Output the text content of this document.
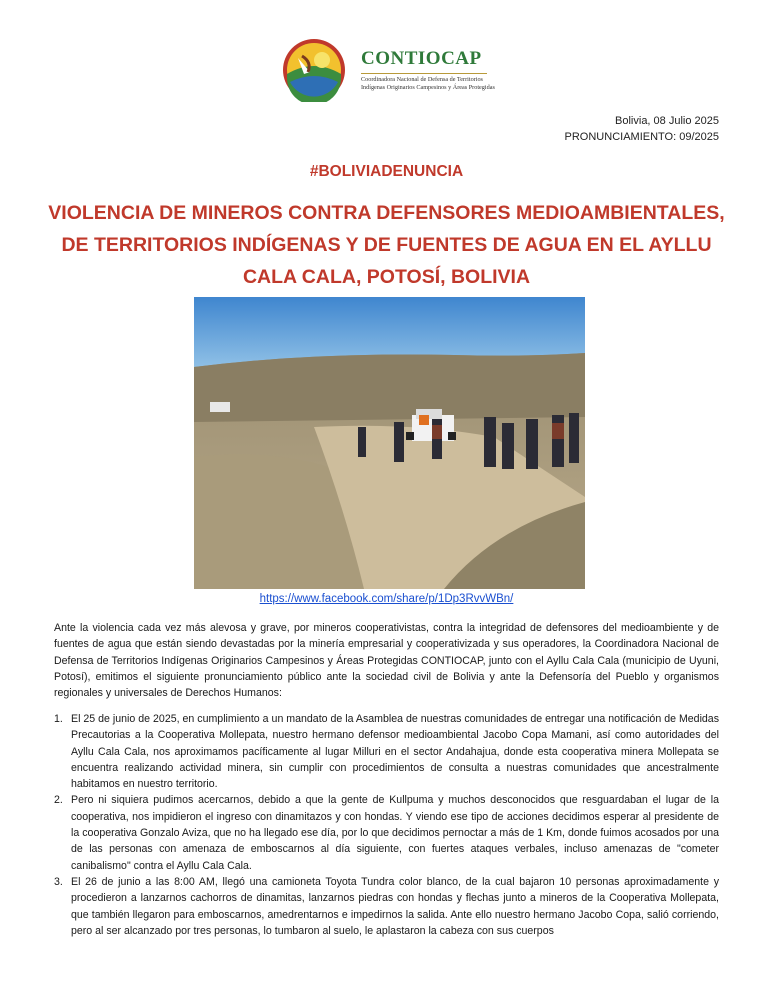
CONTIOCAP
Coordinadora Nacional de Defensa de Territorios
Indígenas Originarios Campesinos y Áreas Protegidas
Bolivia, 08 Julio 2025
PRONUNCIAMIENTO: 09/2025
#BOLIVIADENUNCIA
VIOLENCIA DE MINEROS CONTRA DEFENSORES MEDIOAMBIENTALES, DE TERRITORIOS INDÍGENAS Y DE FUENTES DE AGUA EN EL AYLLU CALA CALA, POTOSÍ, BOLIVIA
https://www.facebook.com/share/p/1Dp3RvvWBn/
Ante la violencia cada vez más alevosa y grave, por mineros cooperativistas, contra la integridad de defensores del medioambiente y de fuentes de agua que están siendo devastadas por la minería empresarial y cooperativizada y sus operadores, la Coordinadora Nacional de Defensa de Territorios Indígenas Originarios Campesinos y Áreas Protegidas CONTIOCAP, junto con el Ayllu Cala Cala (municipio de Uyuni, Potosí), emitimos el siguiente pronunciamiento público ante la sociedad civil de Bolivia y ante la Defensoría del Pueblo y organismos regionales y universales de Derechos Humanos:
1. El 25 de junio de 2025, en cumplimiento a un mandato de la Asamblea de nuestras comunidades de entregar una notificación de Medidas Precautorias a la Cooperativa Mollepata, nuestro hermano defensor medioambiental Jacobo Copa Mamani, así como autoridades del Ayllu Cala Cala, nos aproximamos pacíficamente al lugar Milluri en el sector Andahajua, donde esta cooperativa minera Mollepata se encuentra realizando actividad minera, sin cumplir con procedimientos de consulta a nuestras comunidades que ancestralmente habitamos en nuestro territorio.
2. Pero ni siquiera pudimos acercarnos, debido a que la gente de Kullpuma y muchos desconocidos que resguardaban el lugar de la cooperativa, nos impidieron el ingreso con dinamitazos y con hondas. Y viendo ese tipo de acciones decidimos esperar al presidente de la cooperativa Gonzalo Aviza, que no ha llegado ese día, por lo que decidimos pernoctar a más de 1 Km, donde fuimos acosados por una de las personas con amenaza de emboscarnos al día siguiente, con fuertes ataques verbales, incluso amenazas de "cometer canibalismo" contra el Ayllu Cala Cala.
3. El 26 de junio a las 8:00 AM, llegó una camioneta Toyota Tundra color blanco, de la cual bajaron 10 personas aproximadamente y procedieron a lanzarnos cachorros de dinamitas, lanzarnos piedras con hondas y flechas junto a mineros de la Cooperativa Mollepata, que también llegaron para emboscarnos, amedrentarnos e impedirnos la salida. Ante ello nuestro hermano Jacobo Copa, salió corriendo, pero al ser alcanzado por tres personas, lo tumbaron al suelo, le aplastaron la cabeza con sus cuerpos
